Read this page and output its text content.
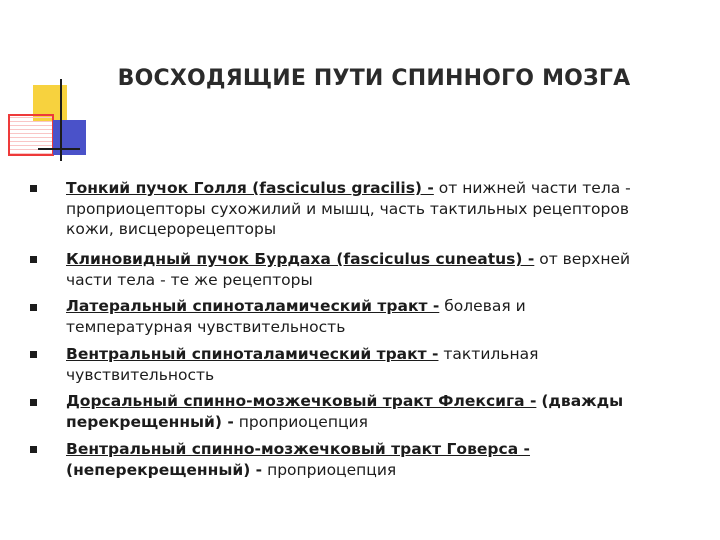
ВОСХОДЯЩИЕ ПУТИ СПИННОГО МОЗГА
Тонкий пучок Голля (fasciculus gracilis) - от нижней части тела - проприоцепторы сухожилий и мышц, часть тактильных рецепторов кожи, висцерорецепторы
Клиновидный пучок Бурдаха (fasciculus cuneatus) - от верхней части тела - те же рецепторы
Латеральный спиноталамический тракт - болевая и температурная чувствительность
Вентральный спиноталамический тракт - тактильная чувствительность
Дорсальный спинно-мозжечковый тракт Флексига - (дважды перекрещенный) - проприоцепция
Вентральный спинно-мозжечковый тракт Говерса - (неперекрещенный) - проприоцепция
